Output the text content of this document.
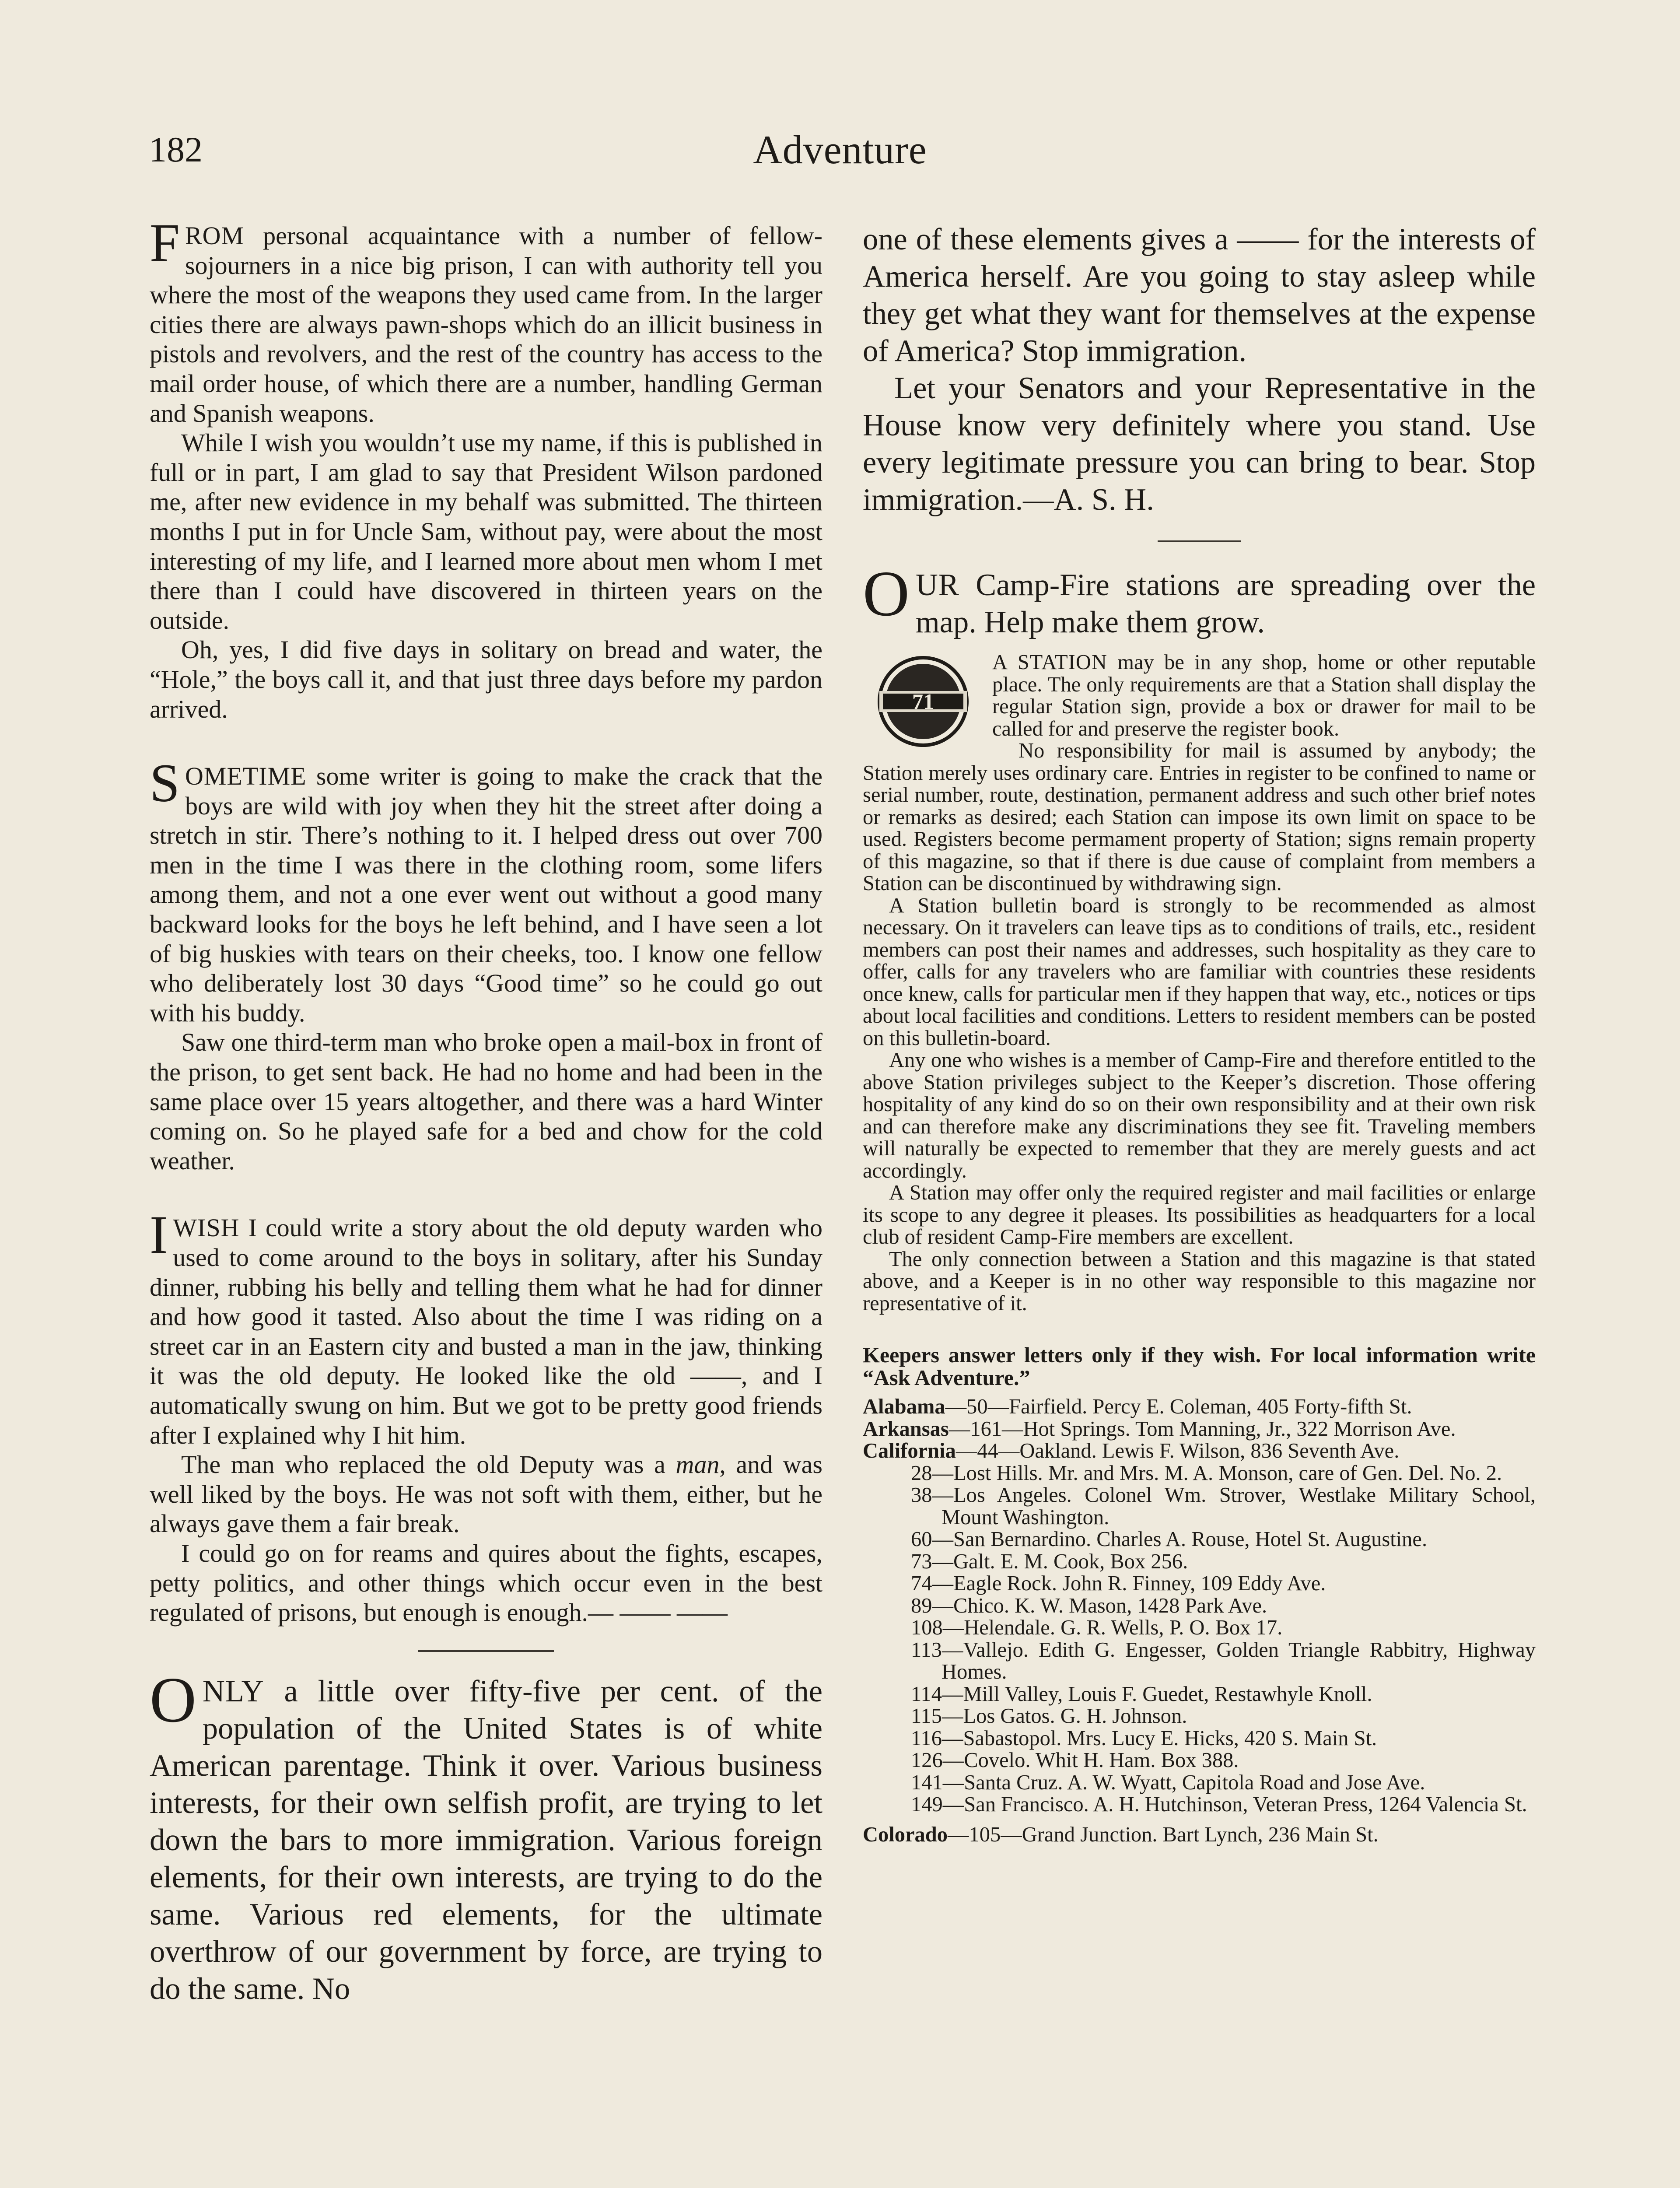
182	Adventure

FROM personal acquaintance with a number of fellow-sojourners in a nice big prison, I can with authority tell you where the most of the weapons they used came from. In the larger cities there are always pawn-shops which do an illicit business in pistols and revolvers, and the rest of the country has access to the mail order house, of which there are a number, handling German and Spanish weapons.

While I wish you wouldn’t use my name, if this is published in full or in part, I am glad to say that President Wilson pardoned me, after new evidence in my behalf was submitted. The thirteen months I put in for Uncle Sam, without pay, were about the most interesting of my life, and I learned more about men whom I met there than I could have discovered in thirteen years on the outside.

Oh, yes, I did five days in solitary on bread and water, the “Hole,” the boys call it, and that just three days before my pardon arrived.

SOMETIME some writer is going to make the crack that the boys are wild with joy when they hit the street after doing a stretch in stir. There’s nothing to it. I helped dress out over 700 men in the time I was there in the clothing room, some lifers among them, and not a one ever went out without a good many backward looks for the boys he left behind, and I have seen a lot of big huskies with tears on their cheeks, too. I know one fellow who deliberately lost 30 days “Good time” so he could go out with his buddy.

Saw one third-term man who broke open a mail-box in front of the prison, to get sent back. He had no home and had been in the same place over 15 years altogether, and there was a hard Winter coming on. So he played safe for a bed and chow for the cold weather.

IWISH I could write a story about the old deputy warden who used to come around to the boys in solitary, after his Sunday dinner, rubbing his belly and telling them what he had for dinner and how good it tasted. Also about the time I was riding on a street car in an Eastern city and busted a man in the jaw, thinking it was the old deputy. He looked like the old ——, and I automatically swung on him. But we got to be pretty good friends after I explained why I hit him.

The man who replaced the old Deputy was a man, and was well liked by the boys. He was not soft with them, either, but he always gave them a fair break.

I could go on for reams and quires about the fights, escapes, petty politics, and other things which occur even in the best regulated of prisons, but enough is enough.— —— ——

ONLY a little over fifty-five per cent. of the population of the United States is of white American parentage. Think it over. Various business interests, for their own selfish profit, are trying to let down the bars to more immigration. Various foreign elements, for their own interests, are trying to do the same. Various red elements, for the ultimate overthrow of our government by force, are trying to do the same. No

one of these elements gives a —— for the interests of America herself. Are you going to stay asleep while they get what they want for themselves at the expense of America? Stop immigration.

Let your Senators and your Representative in the House know very definitely where you stand. Use every legitimate pressure you can bring to bear. Stop immigration.—A. S. H.

OUR Camp-Fire stations are spreading over the map. Help make them grow.

71

A STATION may be in any shop, home or other reputable place. The only requirements are that a Station shall display the regular Station sign, provide a box or drawer for mail to be called for and preserve the register book.

No responsibility for mail is assumed by anybody; the Station merely uses ordinary care. Entries in register to be confined to name or serial number, route, destination, permanent address and such other brief notes or remarks as desired; each Station can impose its own limit on space to be used. Registers become permament property of Station; signs remain property of this magazine, so that if there is due cause of complaint from members a Station can be discontinued by withdrawing sign.

A Station bulletin board is strongly to be recommended as almost necessary. On it travelers can leave tips as to conditions of trails, etc., resident members can post their names and addresses, such hospitality as they care to offer, calls for any travelers who are familiar with countries these residents once knew, calls for particular men if they happen that way, etc., notices or tips about local facilities and conditions. Letters to resident members can be posted on this bulletin-board.

Any one who wishes is a member of Camp-Fire and therefore entitled to the above Station privileges subject to the Keeper’s discretion. Those offering hospitality of any kind do so on their own responsibility and at their own risk and can therefore make any discriminations they see fit. Traveling members will naturally be expected to remember that they are merely guests and act accordingly.

A Station may offer only the required register and mail facilities or enlarge its scope to any degree it pleases. Its possibilities as headquarters for a local club of resident Camp-Fire members are excellent.

The only connection between a Station and this magazine is that stated above, and a Keeper is in no other way responsible to this magazine nor representative of it.

Keepers answer letters only if they wish. For local information write “Ask Adventure.”

Alabama—50—Fairfield. Percy E. Coleman, 405 Forty-fifth St.

Arkansas—161—Hot Springs. Tom Manning, Jr., 322 Morrison Ave.

California—44—Oakland. Lewis F. Wilson, 836 Seventh Ave.

28—Lost Hills. Mr. and Mrs. M. A. Monson, care of Gen. Del. No. 2.

38—Los Angeles. Colonel Wm. Strover, Westlake Military School, Mount Washington.

60—San Bernardino. Charles A. Rouse, Hotel St. Augustine.

73—Galt. E. M. Cook, Box 256.

74—Eagle Rock. John R. Finney, 109 Eddy Ave.

89—Chico. K. W. Mason, 1428 Park Ave.

108—Helendale. G. R. Wells, P. O. Box 17.

113—Vallejo. Edith G. Engesser, Golden Triangle Rabbitry, Highway Homes.

114—Mill Valley, Louis F. Guedet, Restawhyle Knoll.

115—Los Gatos. G. H. Johnson.

116—Sabastopol. Mrs. Lucy E. Hicks, 420 S. Main St.

126—Covelo. Whit H. Ham. Box 388.

141—Santa Cruz. A. W. Wyatt, Capitola Road and Jose Ave.

149—San Francisco. A. H. Hutchinson, Veteran Press, 1264 Valencia St.

Colorado—105—Grand Junction. Bart Lynch, 236 Main St.
